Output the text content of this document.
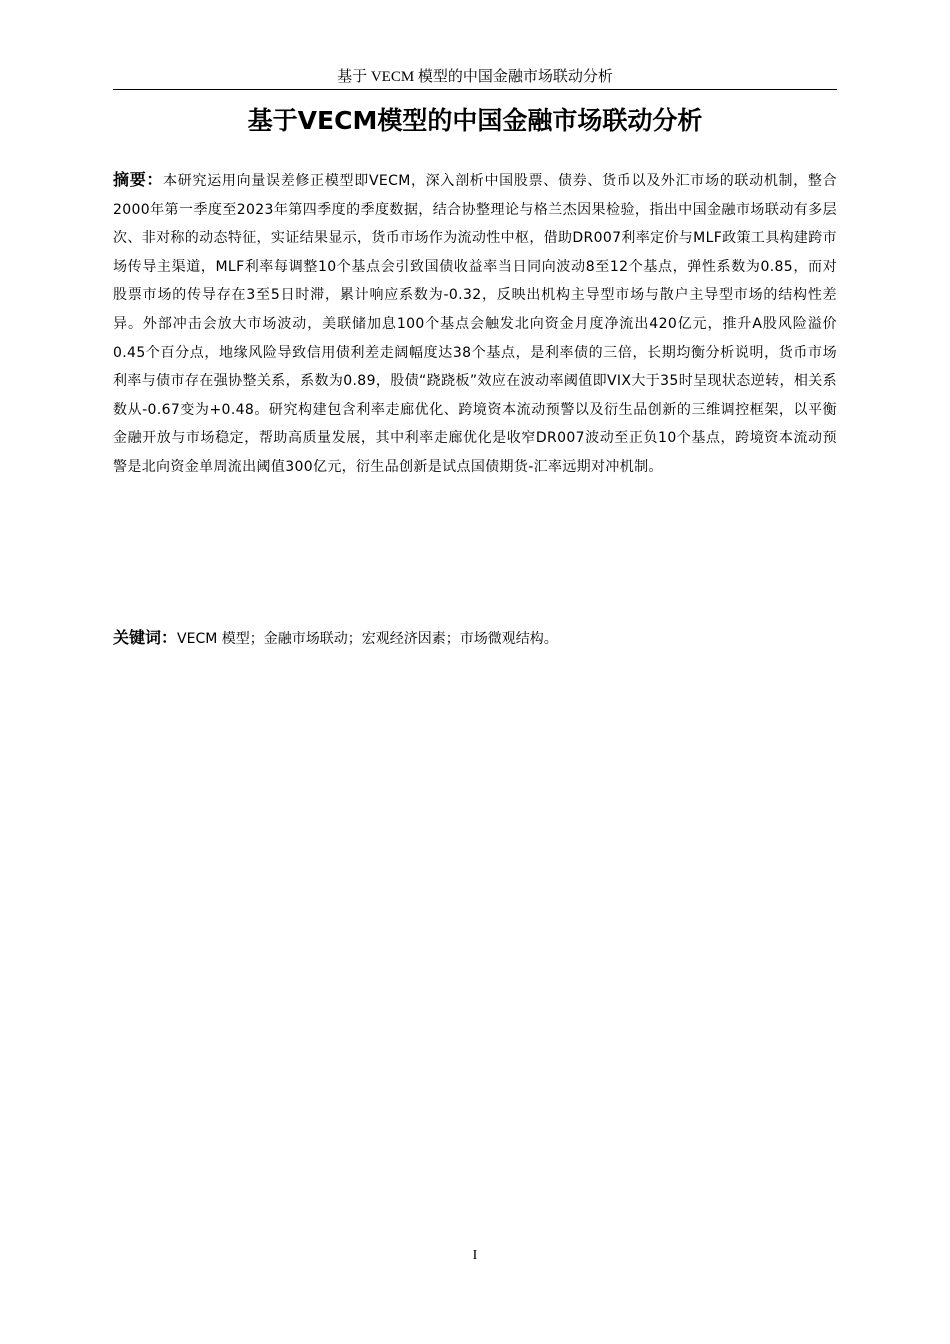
基于 VECM 模型的中国金融市场联动分析
基于VECM模型的中国金融市场联动分析

摘要：本研究运用向量误差修正模型即VECM，深入剖析中国股票、债券、货币以及外汇市场的联动机制，整合2000年第一季度至2023年第四季度的季度数据，结合协整理论与格兰杰因果检验，指出中国金融市场联动有多层次、非对称的动态特征，实证结果显示，货币市场作为流动性中枢，借助DR007利率定价与MLF政策工具构建跨市场传导主渠道，MLF利率每调整10个基点会引致国债收益率当日同向波动8至12个基点，弹性系数为0.85，而对股票市场的传导存在3至5日时滞，累计响应系数为-0.32，反映出机构主导型市场与散户主导型市场的结构性差异。外部冲击会放大市场波动，美联储加息100个基点会触发北向资金月度净流出420亿元，推升A股风险溢价0.45个百分点，地缘风险导致信用债利差走阔幅度达38个基点，是利率债的三倍，长期均衡分析说明，货币市场利率与债市存在强协整关系，系数为0.89，股债“跷跷板”效应在波动率阈值即VIX大于35时呈现状态逆转，相关系数从-0.67变为+0.48。研究构建包含利率走廊优化、跨境资本流动预警以及衍生品创新的三维调控框架，以平衡金融开放与市场稳定，帮助高质量发展，其中利率走廊优化是收窄DR007波动至正负10个基点，跨境资本流动预警是北向资金单周流出阈值300亿元，衍生品创新是试点国债期货-汇率远期对冲机制。

关键词：VECM 模型；金融市场联动；宏观经济因素；市场微观结构。

I
